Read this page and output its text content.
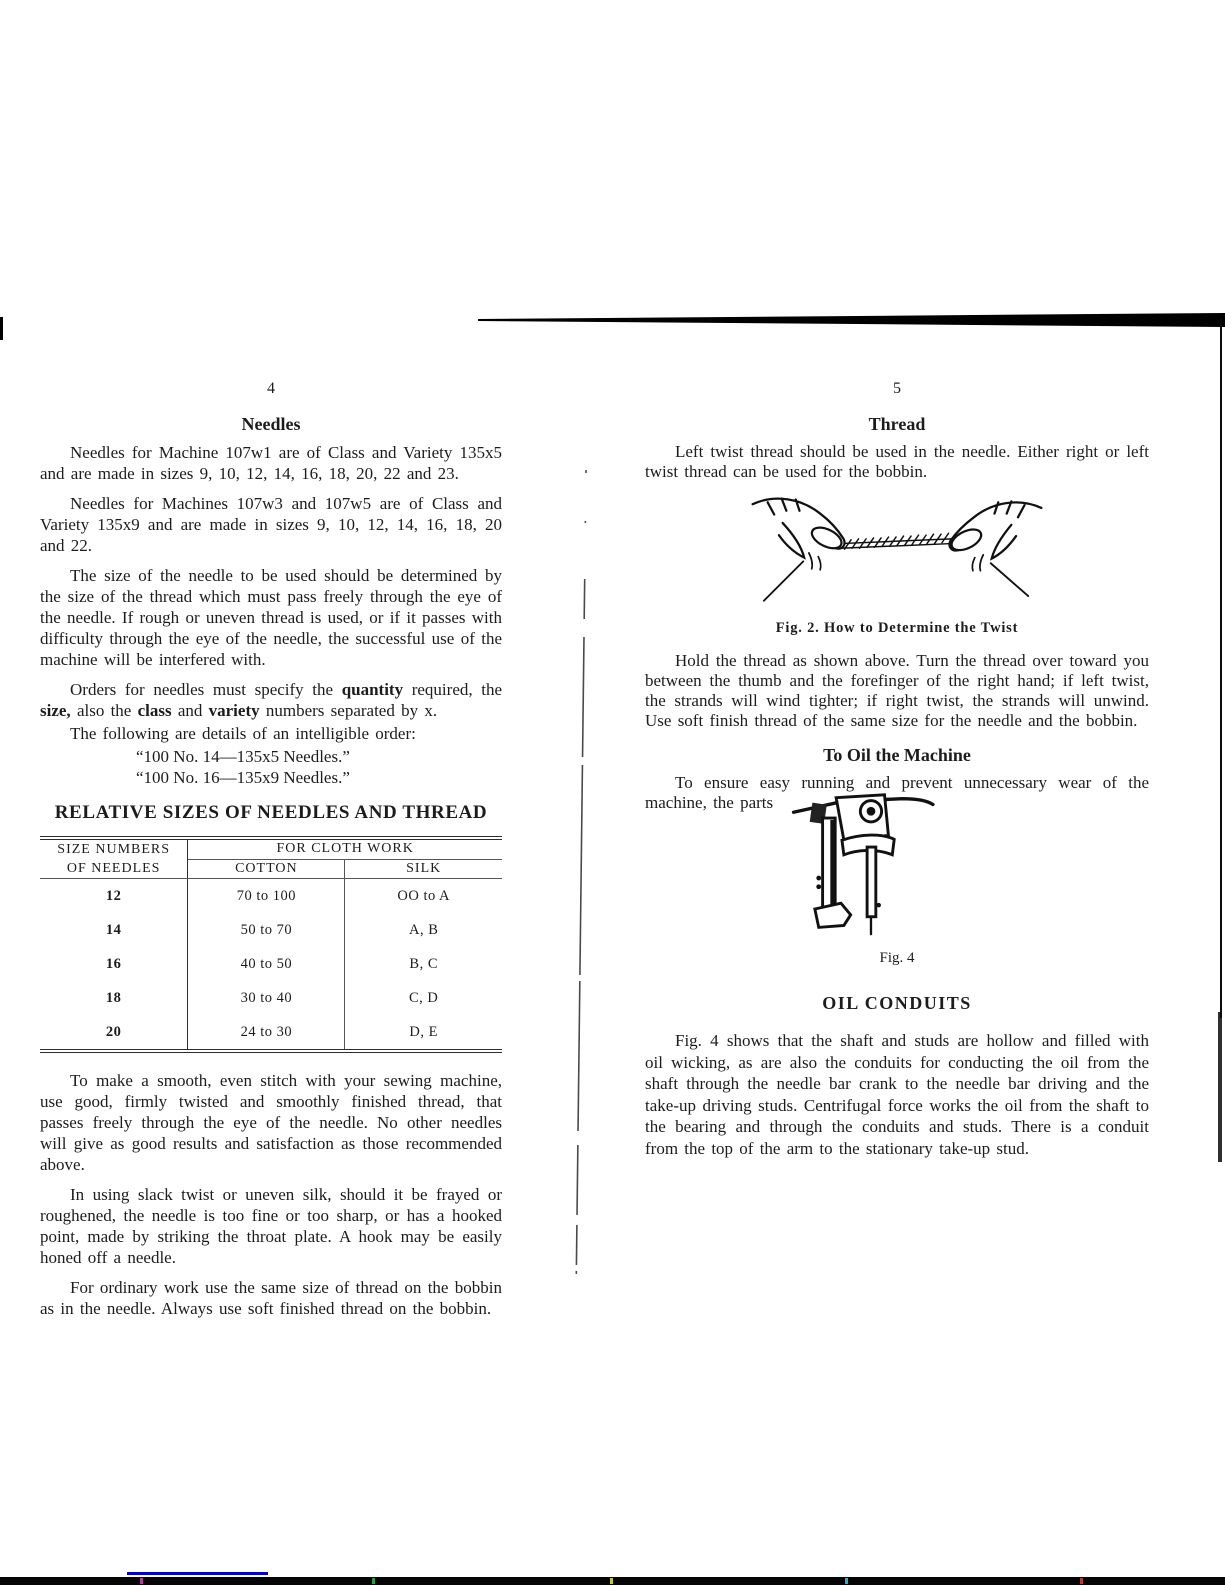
4
Needles

Needles for Machine 107w1 are of Class and Variety 135x5 and are made in sizes 9, 10, 12, 14, 16, 18, 20, 22 and 23.

Needles for Machines 107w3 and 107w5 are of Class and Variety 135x9 and are made in sizes 9, 10, 12, 14, 16, 18, 20 and 22.

The size of the needle to be used should be determined by the size of the thread which must pass freely through the eye of the needle. If rough or uneven thread is used, or if it passes with difficulty through the eye of the needle, the successful use of the machine will be interfered with.

Orders for needles must specify the quantity required, the size, also the class and variety numbers separated by x.

The following are details of an intelligible order:

“100 No. 14—135x5 Needles.”
“100 No. 16—135x9 Needles.”
RELATIVE SIZES OF NEEDLES AND THREAD
SIZE NUMBERS
OF NEEDLES	FOR CLOTH WORK	
	COTTON	SILK
12	70 to 100	OO to A
14	50 to 70	A, B
16	40 to 50	B, C
18	30 to 40	C, D
20	24 to 30	D, E

To make a smooth, even stitch with your sewing machine, use good, firmly twisted and smoothly finished thread, that passes freely through the eye of the needle. No other needles will give as good results and satisfaction as those recommended above.

In using slack twist or uneven silk, should it be frayed or roughened, the needle is too fine or too sharp, or has a hooked point, made by striking the throat plate. A hook may be easily honed off a needle.

For ordinary work use the same size of thread on the bobbin as in the needle. Always use soft finished thread on the bobbin.

5
Thread

Left twist thread should be used in the needle. Either right or left twist thread can be used for the bobbin.

Fig. 2. How to Determine the Twist

Hold the thread as shown above. Turn the thread over toward you between the thumb and the forefinger of the right hand; if left twist, the strands will wind tighter; if right twist, the strands will unwind. Use soft finish thread of the same size for the needle and the bobbin.

To Oil the Machine

To ensure easy running and prevent unnecessary wear of the machine, the parts

Fig. 4
OIL CONDUITS

Fig. 4 shows that the shaft and studs are hollow and filled with oil wicking, as are also the conduits for conducting the oil from the shaft through the needle bar crank to the needle bar driving and the take-up driving studs. Centrifugal force works the oil from the shaft to the bearing and through the conduits and studs. There is a conduit from the top of the arm to the stationary take-up stud.
